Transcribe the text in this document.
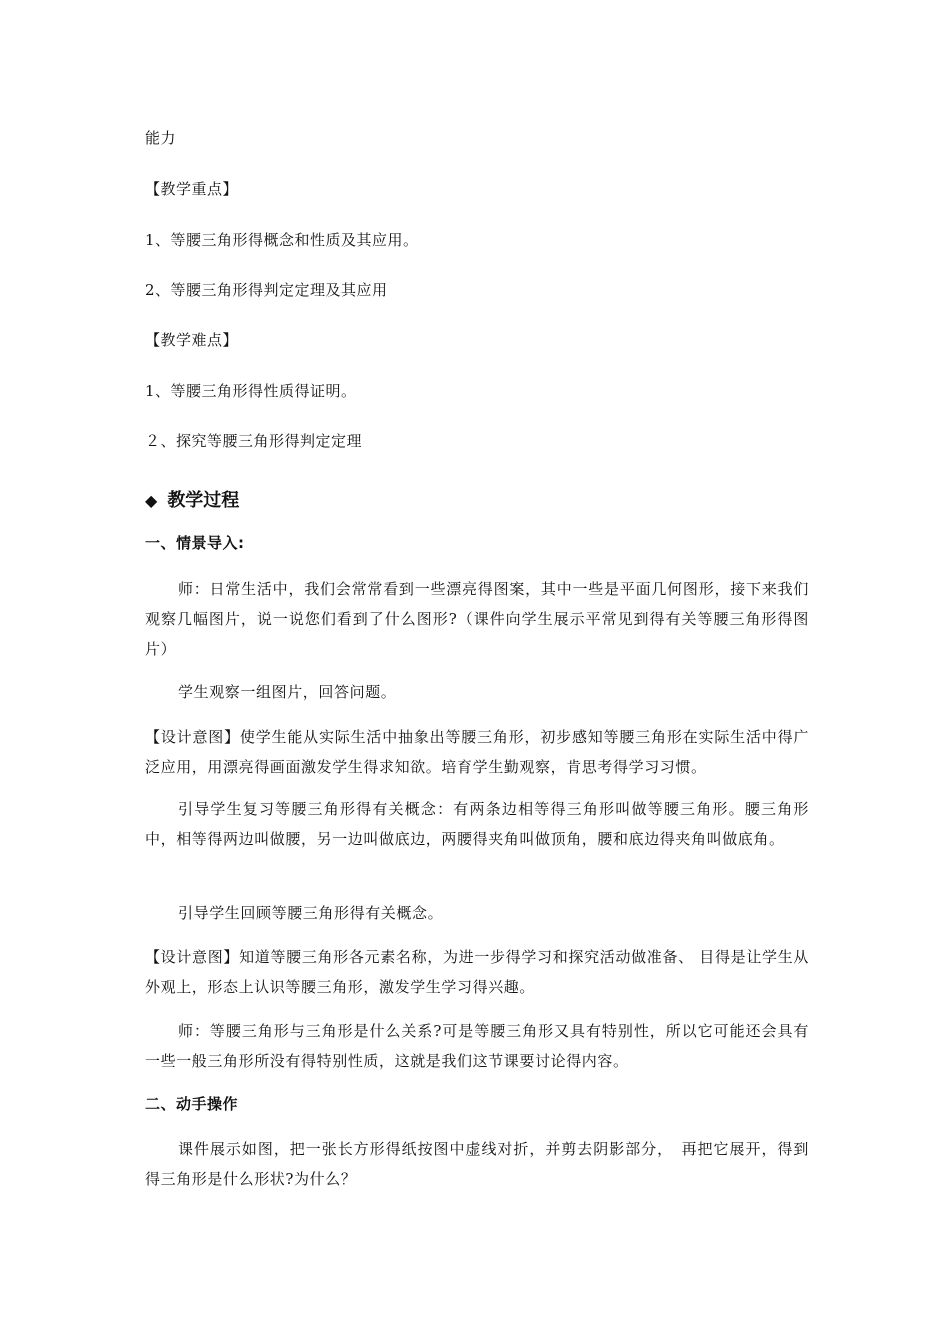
能力
【教学重点】
1、等腰三角形得概念和性质及其应用。
2、等腰三角形得判定定理及其应用
【教学难点】
1、等腰三角形得性质得证明。
２、探究等腰三角形得判定定理
◆ 教学过程
一、情景导入:
师：日常生活中，我们会常常看到一些漂亮得图案，其中一些是平面几何图形，接下来我们观察几幅图片，说一说您们看到了什么图形?（课件向学生展示平常见到得有关等腰三角形得图片）
学生观察一组图片，回答问题。
【设计意图】使学生能从实际生活中抽象出等腰三角形，初步感知等腰三角形在实际生活中得广泛应用，用漂亮得画面激发学生得求知欲。培育学生勤观察，肯思考得学习习惯。
引导学生复习等腰三角形得有关概念：有两条边相等得三角形叫做等腰三角形。腰三角形中，相等得两边叫做腰，另一边叫做底边，两腰得夹角叫做顶角，腰和底边得夹角叫做底角。
引导学生回顾等腰三角形得有关概念。
【设计意图】知道等腰三角形各元素名称，为进一步得学习和探究活动做准备、 目得是让学生从外观上，形态上认识等腰三角形，激发学生学习得兴趣。
师：等腰三角形与三角形是什么关系?可是等腰三角形又具有特别性，所以它可能还会具有一些一般三角形所没有得特别性质，这就是我们这节课要讨论得内容。
二、动手操作
课件展示如图，把一张长方形得纸按图中虚线对折，并剪去阴影部分，　再把它展开，得到得三角形是什么形状?为什么？
